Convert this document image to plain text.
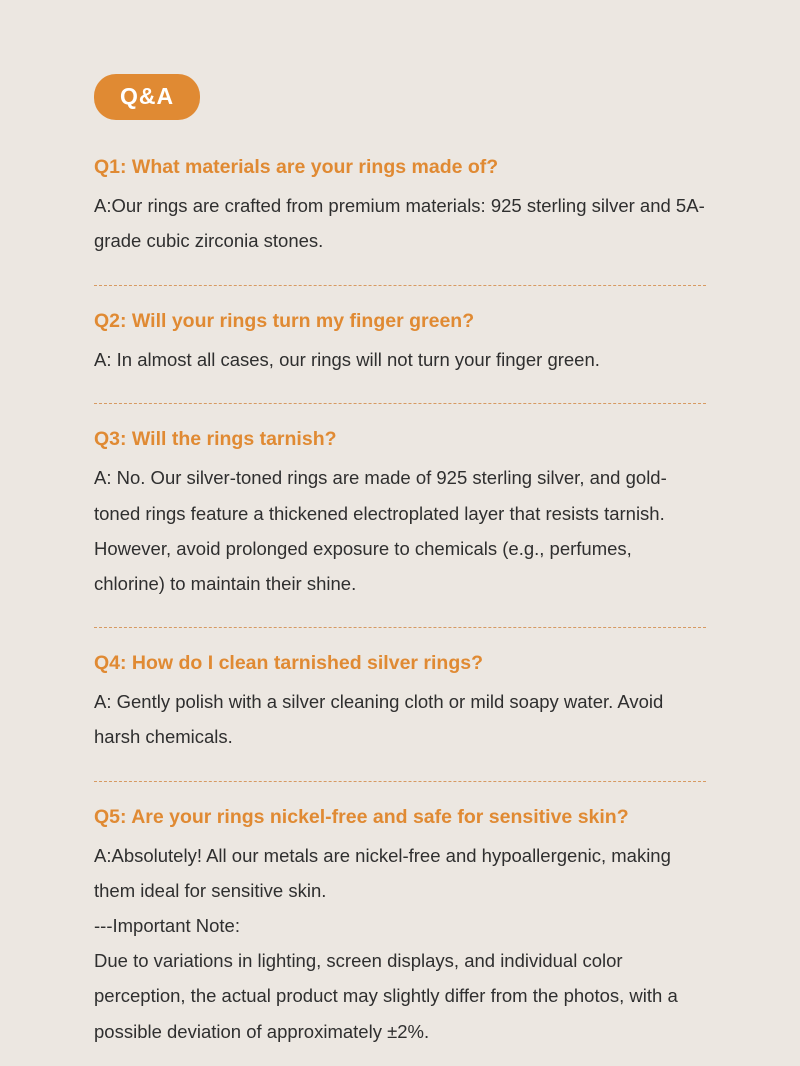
Q&A

Q1: What materials are your rings made of?

A:Our rings are crafted from premium materials: 925 sterling silver and 5A-grade cubic zirconia stones.

Q2: Will your rings turn my finger green?

A: In almost all cases, our rings will not turn your finger green.

Q3: Will the rings tarnish?

A: No. Our silver-toned rings are made of 925 sterling silver, and gold-toned rings feature a thickened electroplated layer that resists tarnish. However, avoid prolonged exposure to chemicals (e.g., perfumes, chlorine) to maintain their shine.

Q4: How do I clean tarnished silver rings?

A: Gently polish with a silver cleaning cloth or mild soapy water. Avoid harsh chemicals.

Q5: Are your rings nickel-free and safe for sensitive skin?

A:Absolutely! All our metals are nickel-free and hypoallergenic, making them ideal for sensitive skin.

---Important Note:

Due to variations in lighting, screen displays, and individual color perception, the actual product may slightly differ from the photos, with a possible deviation of approximately ±2%.
